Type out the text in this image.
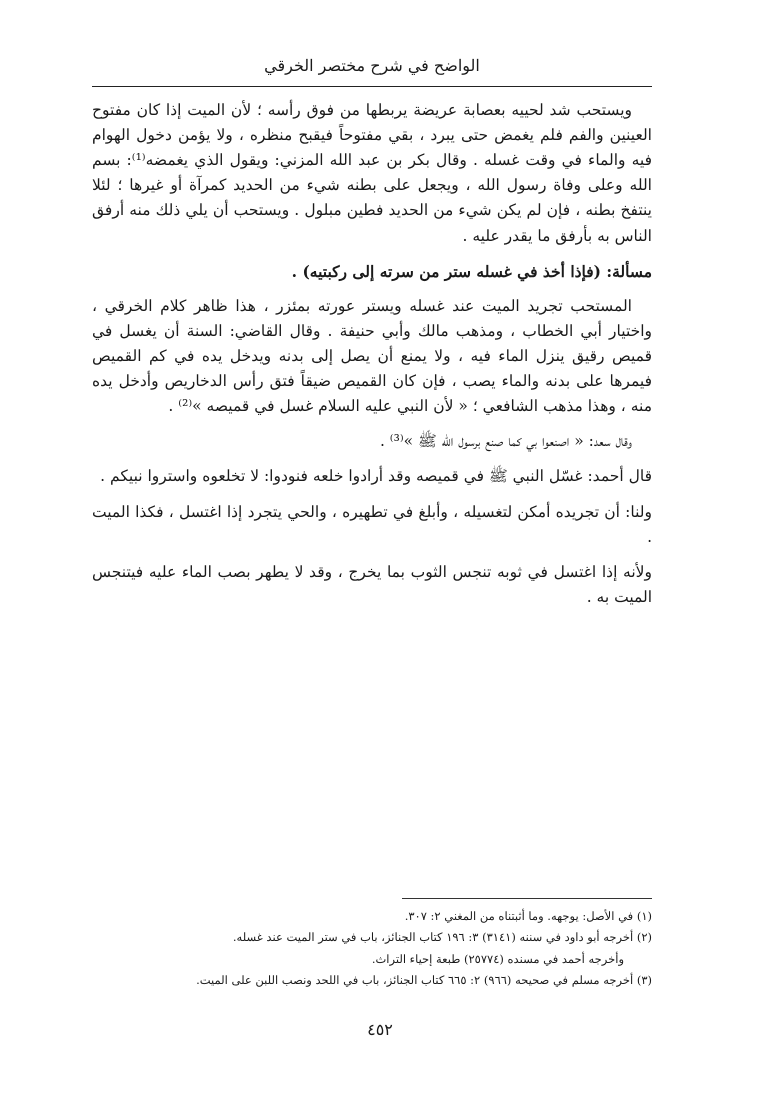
الواضح في شرح مختصر الخرقي

ويستحب شد لحييه بعصابة عريضة يربطها من فوق رأسه ؛ لأن الميت إذا كان مفتوح العينين والفم فلم يغمض حتى يبرد ، بقي مفتوحاً فيقبح منظره ، ولا يؤمن دخول الهوام فيه والماء في وقت غسله . وقال بكر بن عبد الله المزني: ويقول الذي يغمضه⁽¹⁾: بسم الله وعلى وفاة رسول الله ، ويجعل على بطنه شيء من الحديد كمرآة أو غيرها ؛ لئلا ينتفخ بطنه ، فإن لم يكن شيء من الحديد فطين مبلول . ويستحب أن يلي ذلك منه أرفق الناس به بأرفق ما يقدر عليه .

مسألة: (فإذا أخذ في غسله ستر من سرته إلى ركبتيه) .

المستحب تجريد الميت عند غسله ويستر عورته بمئزر ، هذا ظاهر كلام الخرقي ، واختيار أبي الخطاب ، ومذهب مالك وأبي حنيفة . وقال القاضي: السنة أن يغسل في قميص رقيق ينزل الماء فيه ، ولا يمنع أن يصل إلى بدنه ويدخل يده في كم القميص فيمرها على بدنه والماء يصب ، فإن كان القميص ضيقاً فتق رأس الدخاريص وأدخل يده منه ، وهذا مذهب الشافعي ؛ « لأن النبي عليه السلام غسل في قميصه »⁽²⁾ .

وقال سعد: « اصنعوا بي كما صنع برسول الله ﷺ »⁽³⁾ .

قال أحمد: غسّل النبي ﷺ في قميصه وقد أرادوا خلعه فنودوا: لا تخلعوه واستروا نبيكم .

ولنا: أن تجريده أمكن لتغسيله ، وأبلغ في تطهيره ، والحي يتجرد إذا اغتسل ، فكذا الميت .

ولأنه إذا اغتسل في ثوبه تنجس الثوب بما يخرج ، وقد لا يطهر بصب الماء عليه فيتنجس الميت به .

(١) في الأصل: يوجهه. وما أثبتناه من المغني ٢: ٣٠٧.

(٢) أخرجه أبو داود في سننه (٣١٤١) ٣: ١٩٦ كتاب الجنائز، باب في ستر الميت عند غسله.

وأخرجه أحمد في مسنده (٢٥٧٧٤) طبعة إحياء التراث.

(٣) أخرجه مسلم في صحيحه (٩٦٦) ٢: ٦٦٥ كتاب الجنائز، باب في اللحد ونصب اللبن على الميت.

٤٥٢
